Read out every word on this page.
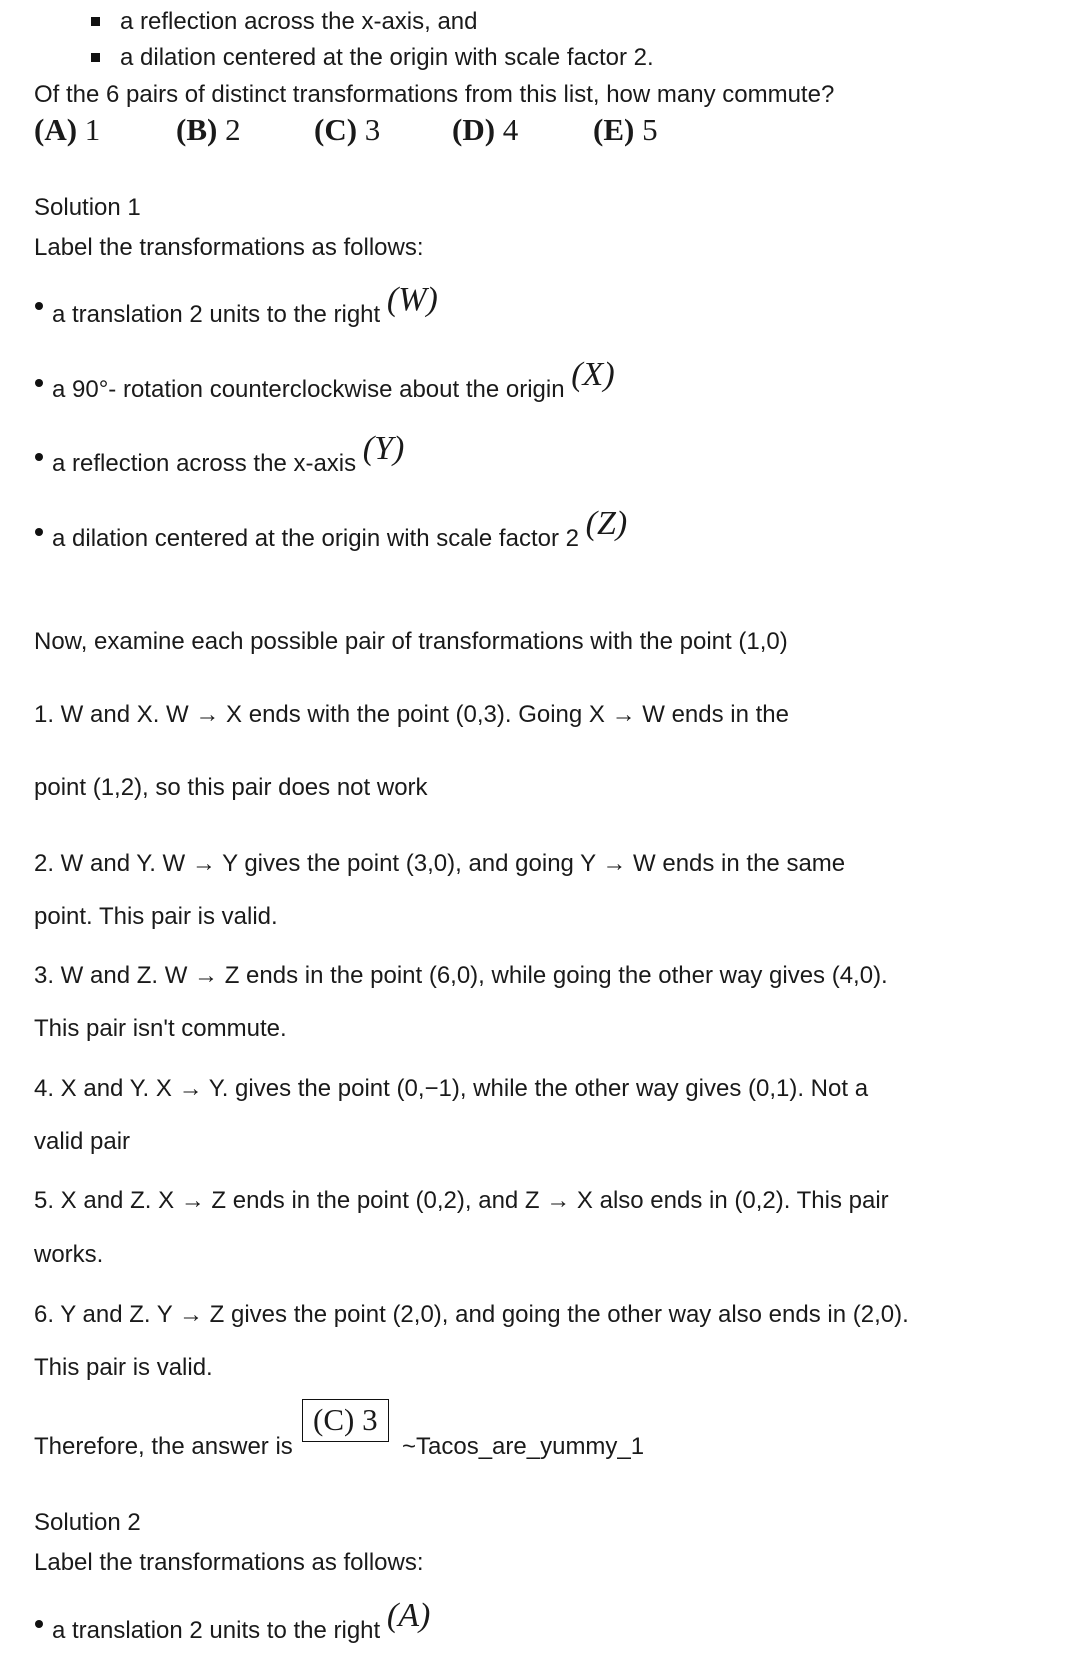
a reflection across the x-axis, and
a dilation centered at the origin with scale factor 2.
Of the 6 pairs of distinct transformations from this list, how many commute?
(A) 1 (B) 2 (C) 3 (D) 4 (E) 5
Solution 1
Label the transformations as follows:
a translation 2 units to the right (W)
a 90°- rotation counterclockwise about the origin (X)
a reflection across the x-axis (Y)
a dilation centered at the origin with scale factor 2 (Z)
Now, examine each possible pair of transformations with the point (1,0)
1. W and X. W → X ends with the point (0,3). Going X → W ends in the
point (1,2), so this pair does not work
2. W and Y. W → Y gives the point (3,0), and going Y → W ends in the same
point. This pair is valid.
3. W and Z. W → Z ends in the point (6,0), while going the other way gives (4,0).
This pair isn't commute.
4. X and Y. X → Y. gives the point (0,−1), while the other way gives (0,1). Not a
valid pair
5. X and Z. X → Z ends in the point (0,2), and Z → X also ends in (0,2). This pair
works.
6. Y and Z. Y → Z gives the point (2,0), and going the other way also ends in (2,0).
This pair is valid.
Therefore, the answer is
(C) 3
~Tacos_are_yummy_1
Solution 2
Label the transformations as follows:
a translation 2 units to the right (A)
